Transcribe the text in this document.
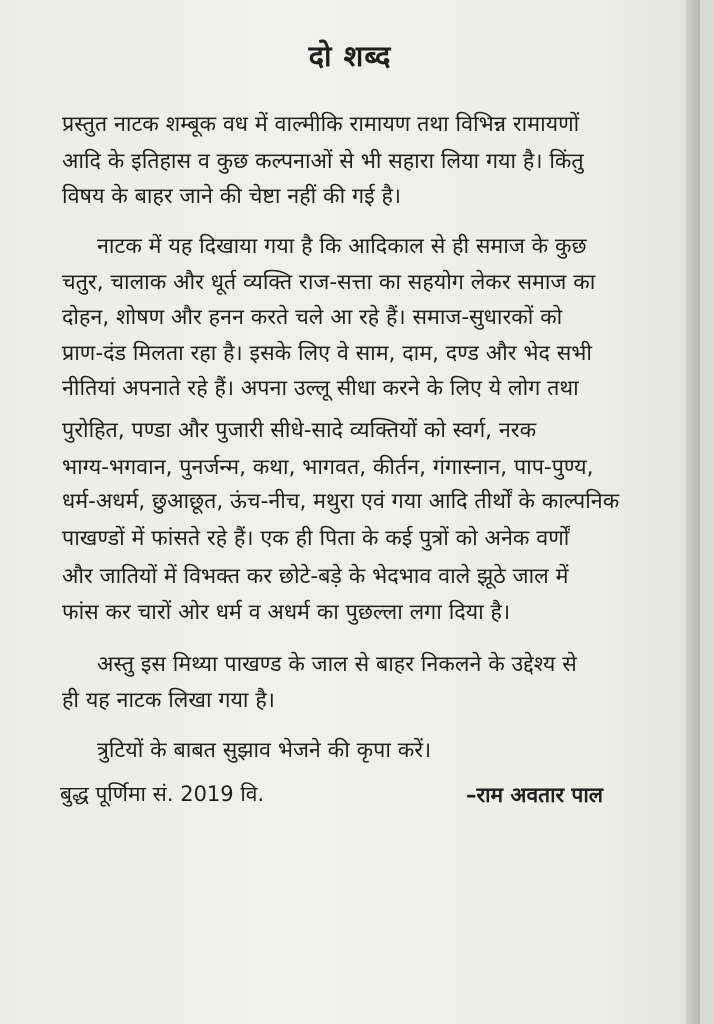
दो शब्द

प्रस्तुत नाटक शम्बूक वध में वाल्मीकि रामायण तथा विभिन्न रामायणों

आदि के इतिहास व कुछ कल्पनाओं से भी सहारा लिया गया है। किंतु

विषय के बाहर जाने की चेष्टा नहीं की गई है।

नाटक में यह दिखाया गया है कि आदिकाल से ही समाज के कुछ

चतुर, चालाक और धूर्त व्यक्ति राज-सत्ता का सहयोग लेकर समाज का

दोहन, शोषण और हनन करते चले आ रहे हैं। समाज-सुधारकों को

प्राण-दंड मिलता रहा है। इसके लिए वे साम, दाम, दण्ड और भेद सभी

नीतियां अपनाते रहे हैं। अपना उल्लू सीधा करने के लिए ये लोग तथा

पुरोहित, पण्डा और पुजारी सीधे-सादे व्यक्तियों को स्वर्ग, नरक

भाग्य-भगवान, पुनर्जन्म, कथा, भागवत, कीर्तन, गंगास्नान, पाप-पुण्य,

धर्म-अधर्म, छुआछूत, ऊंच-नीच, मथुरा एवं गया आदि तीर्थों के काल्पनिक

पाखण्डों में फांसते रहे हैं। एक ही पिता के कई पुत्रों को अनेक वर्णों

और जातियों में विभक्त कर छोटे-बड़े के भेदभाव वाले झूठे जाल में

फांस कर चारों ओर धर्म व अधर्म का पुछल्ला लगा दिया है।

अस्तु इस मिथ्या पाखण्ड के जाल से बाहर निकलने के उद्देश्य से

ही यह नाटक लिखा गया है।

त्रुटियों के बाबत सुझाव भेजने की कृपा करें।

बुद्ध पूर्णिमा सं. 2019 वि.	–राम अवतार पाल
